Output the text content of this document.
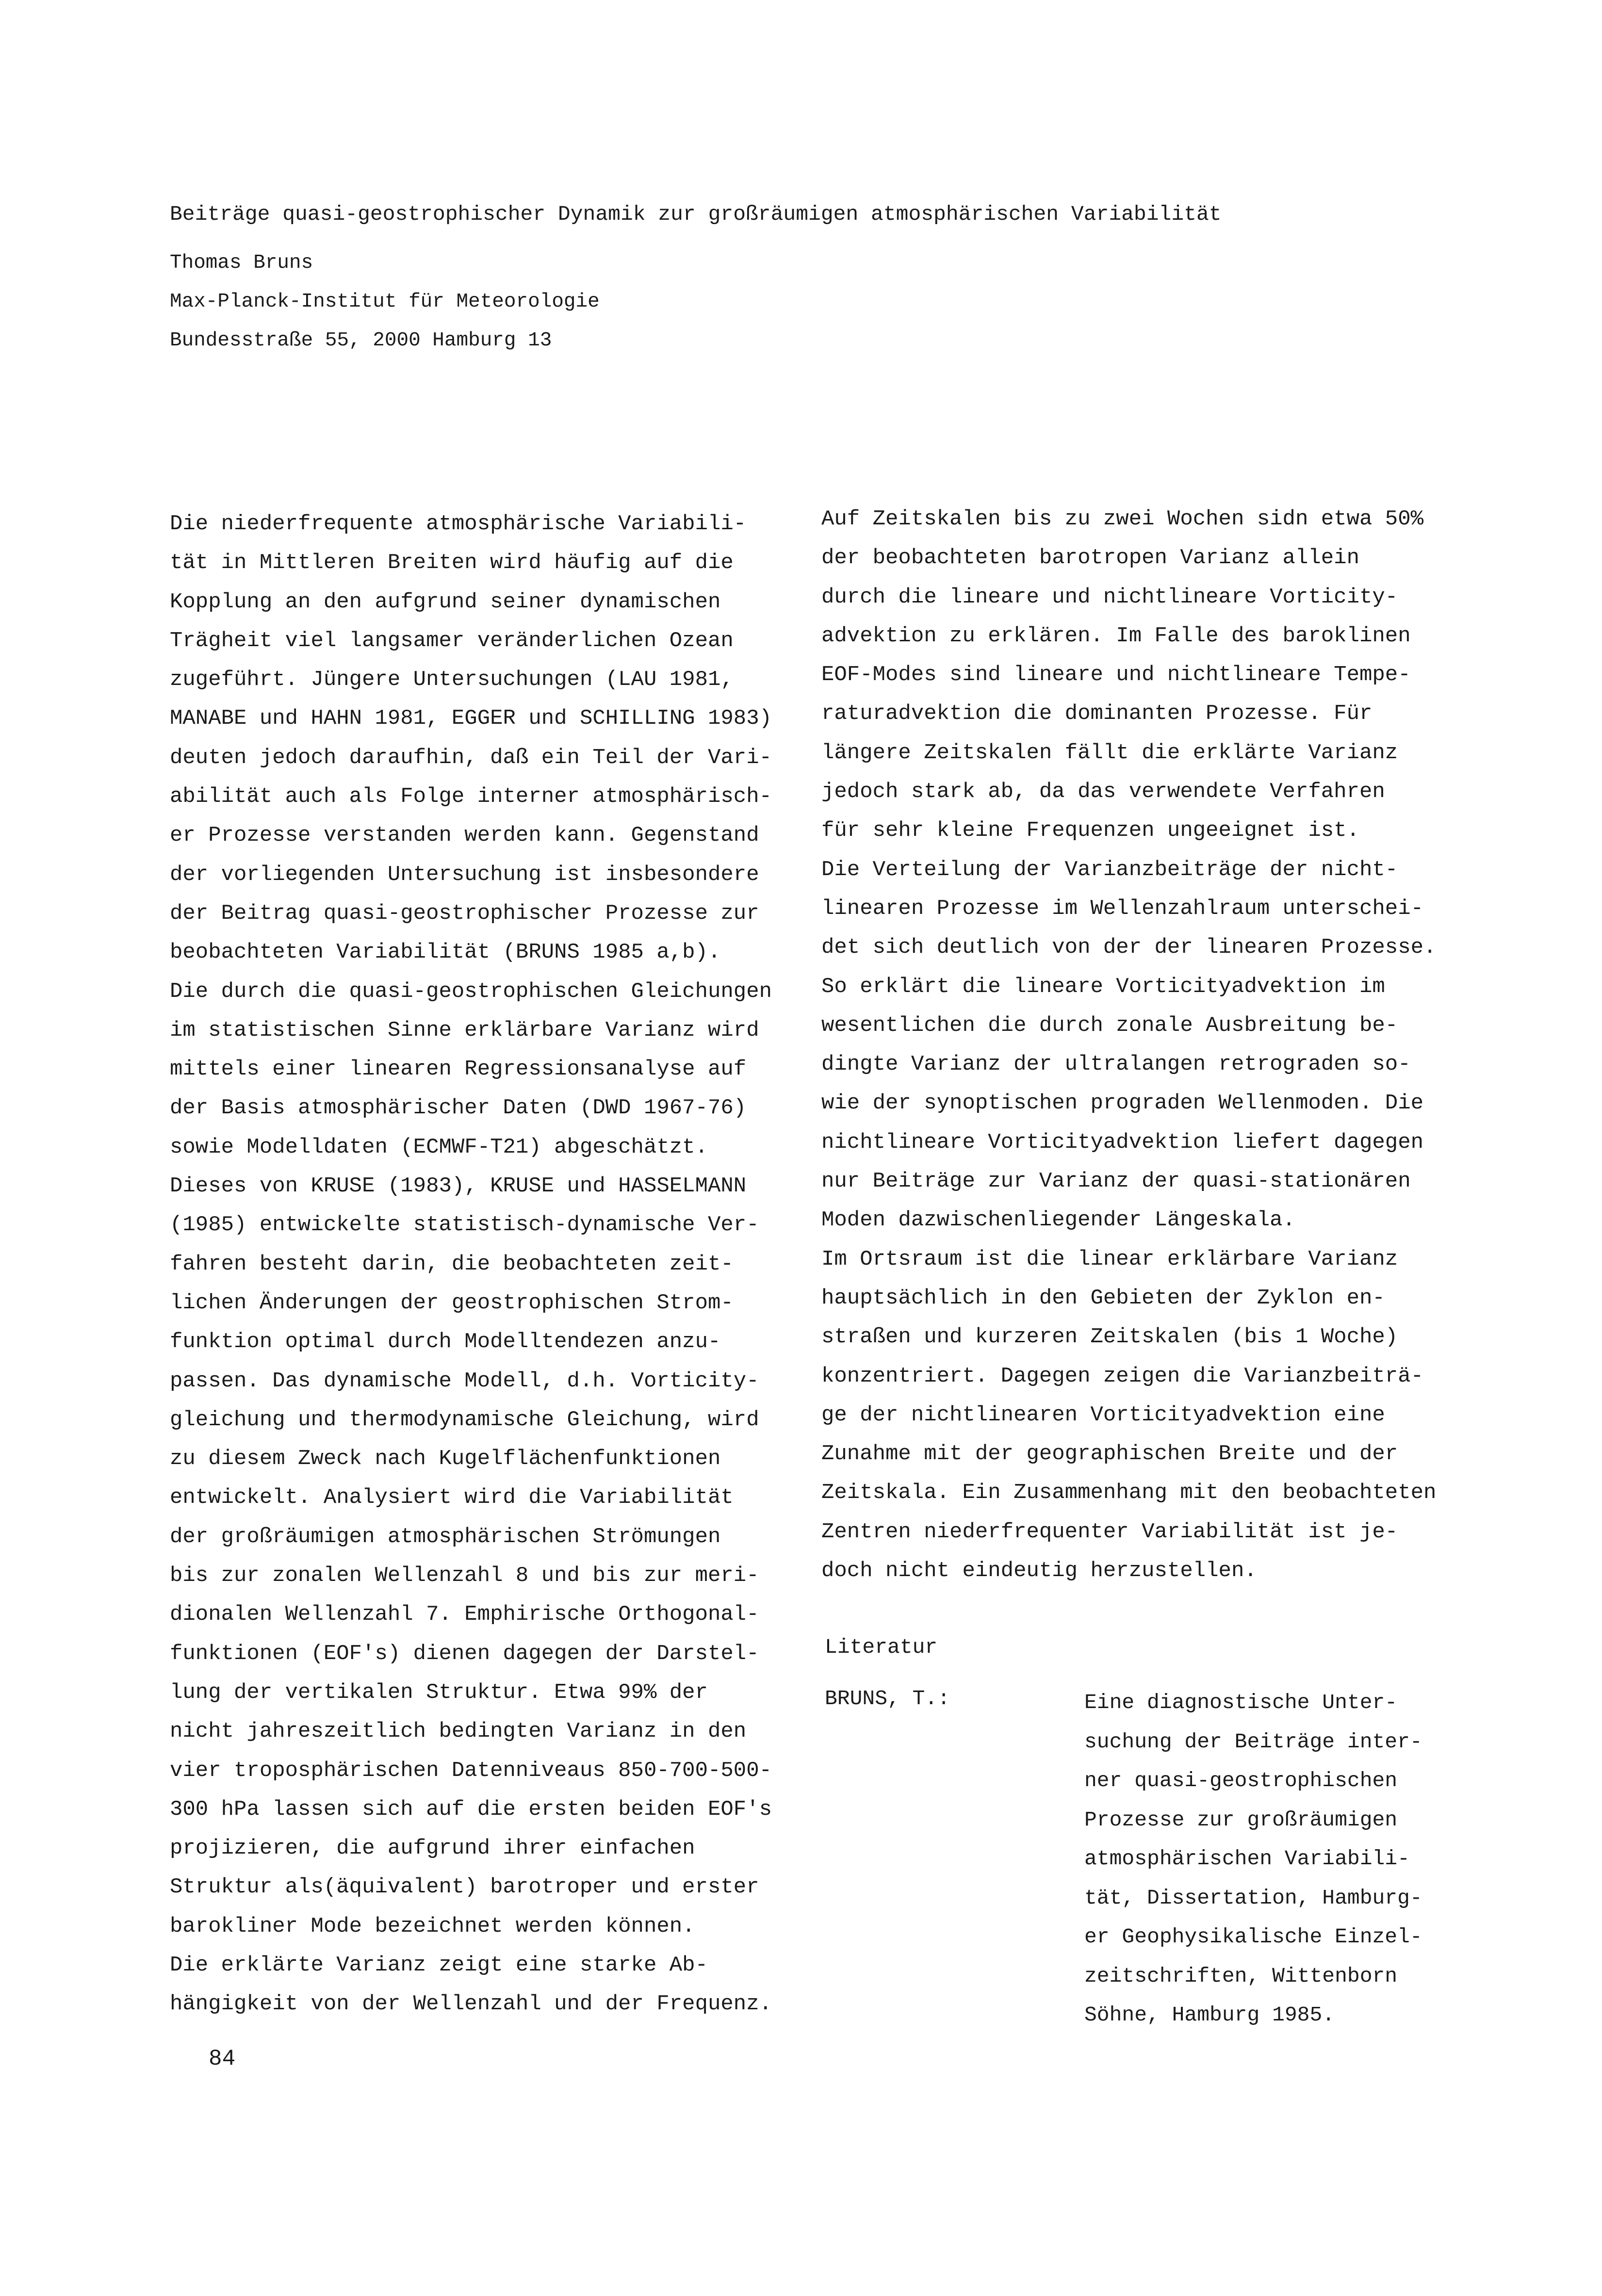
Beiträge quasi-geostrophischer Dynamik zur großräumigen atmosphärischen Variabilität
Thomas Bruns
Max-Planck-Institut für Meteorologie
Bundesstraße 55, 2000 Hamburg 13
Die niederfrequente atmosphärische Variabili-
tät in Mittleren Breiten wird häufig auf die
Kopplung an den aufgrund seiner dynamischen
Trägheit viel langsamer veränderlichen Ozean
zugeführt. Jüngere Untersuchungen (LAU 1981,
MANABE und HAHN 1981, EGGER und SCHILLING 1983)
deuten jedoch daraufhin, daß ein Teil der Vari-
abilität auch als Folge interner atmosphärisch-
er Prozesse verstanden werden kann. Gegenstand
der vorliegenden Untersuchung ist insbesondere
der Beitrag quasi-geostrophischer Prozesse zur
beobachteten Variabilität (BRUNS 1985 a,b).
Die durch die quasi-geostrophischen Gleichungen
im statistischen Sinne erklärbare Varianz wird
mittels einer linearen Regressionsanalyse auf
der Basis atmosphärischer Daten (DWD 1967-76)
sowie Modelldaten (ECMWF-T21) abgeschätzt.
Dieses von KRUSE (1983), KRUSE und HASSELMANN
(1985) entwickelte statistisch-dynamische Ver-
fahren besteht darin, die beobachteten zeit-
lichen Änderungen der geostrophischen Strom-
funktion optimal durch Modelltendezen anzu-
passen. Das dynamische Modell, d.h. Vorticity-
gleichung und thermodynamische Gleichung, wird
zu diesem Zweck nach Kugelflächenfunktionen
entwickelt. Analysiert wird die Variabilität
der großräumigen atmosphärischen Strömungen
bis zur zonalen Wellenzahl 8 und bis zur meri-
dionalen Wellenzahl 7. Emphirische Orthogonal-
funktionen (EOF's) dienen dagegen der Darstel-
lung der vertikalen Struktur. Etwa 99% der
nicht jahreszeitlich bedingten Varianz in den
vier troposphärischen Datenniveaus 850-700-500-
300 hPa lassen sich auf die ersten beiden EOF's
projizieren, die aufgrund ihrer einfachen
Struktur als(äquivalent) barotroper und erster
barokliner Mode bezeichnet werden können.
Die erklärte Varianz zeigt eine starke Ab-
hängigkeit von der Wellenzahl und der Frequenz.
Auf Zeitskalen bis zu zwei Wochen sidn etwa 50%
der beobachteten barotropen Varianz allein
durch die lineare und nichtlineare Vorticity-
advektion zu erklären. Im Falle des baroklinen
EOF-Modes sind lineare und nichtlineare Tempe-
raturadvektion die dominanten Prozesse. Für
längere Zeitskalen fällt die erklärte Varianz
jedoch stark ab, da das verwendete Verfahren
für sehr kleine Frequenzen ungeeignet ist.
Die Verteilung der Varianzbeiträge der nicht-
linearen Prozesse im Wellenzahlraum unterschei-
det sich deutlich von der der linearen Prozesse.
So erklärt die lineare Vorticityadvektion im
wesentlichen die durch zonale Ausbreitung be-
dingte Varianz der ultralangen retrograden so-
wie der synoptischen prograden Wellenmoden. Die
nichtlineare Vorticityadvektion liefert dagegen
nur Beiträge zur Varianz der quasi-stationären
Moden dazwischenliegender Längeskala.
Im Ortsraum ist die linear erklärbare Varianz
hauptsächlich in den Gebieten der Zyklon en-
straßen und kurzeren Zeitskalen (bis 1 Woche)
konzentriert. Dagegen zeigen die Varianzbeiträ-
ge der nichtlinearen Vorticityadvektion eine
Zunahme mit der geographischen Breite und der
Zeitskala. Ein Zusammenhang mit den beobachteten
Zentren niederfrequenter Variabilität ist je-
doch nicht eindeutig herzustellen.
Literatur
BRUNS, T.:	Eine diagnostische Unter-
suchung der Beiträge inter-
ner quasi-geostrophischen
Prozesse zur großräumigen
atmosphärischen Variabili-
tät, Dissertation, Hamburg-
er Geophysikalische Einzel-
zeitschriften, Wittenborn
Söhne, Hamburg 1985.
84
